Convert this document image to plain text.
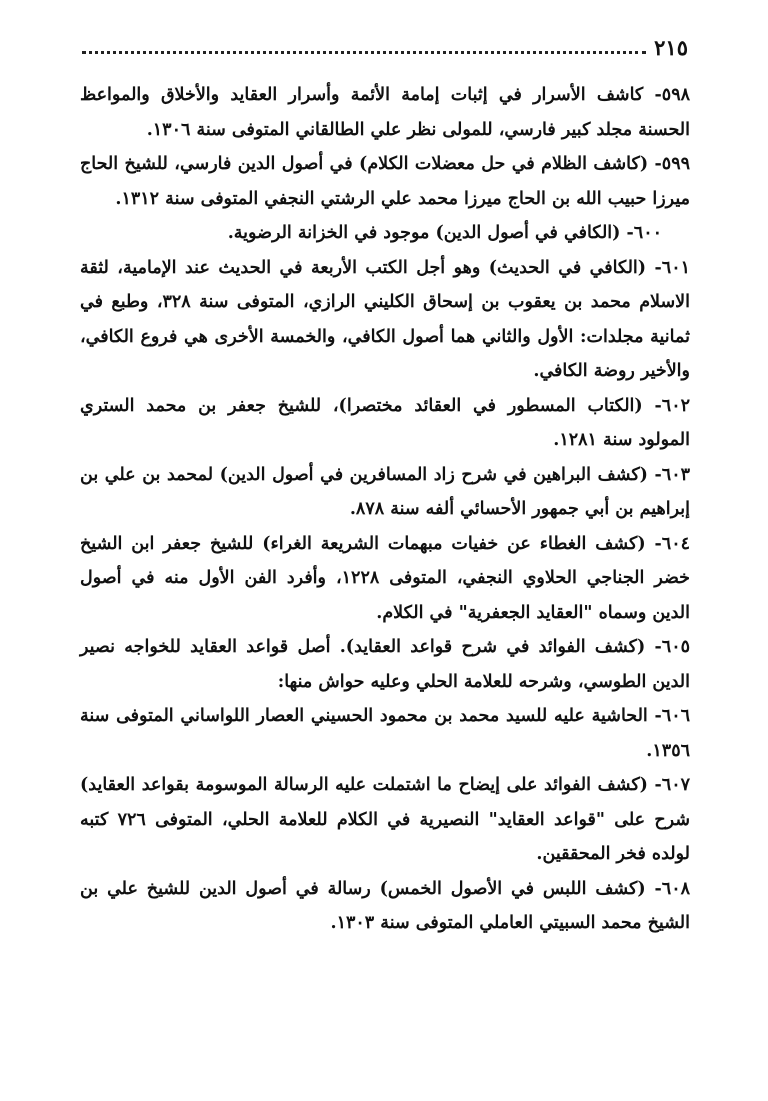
٢١٥

٥٩٨- كاشف الأسرار في إثبات إمامة الأئمة وأسرار العقايد والأخلاق والمواعظ الحسنة مجلد كبير فارسي، للمولى نظر علي الطالقاني المتوفى سنة ١٣٠٦.

٥٩٩- (كاشف الظلام في حل معضلات الكلام) في أصول الدين فارسي، للشيخ الحاج ميرزا حبيب الله بن الحاج ميرزا محمد علي الرشتي النجفي المتوفى سنة ١٣١٢.

٦٠٠- (الكافي في أصول الدين) موجود في الخزانة الرضوية.

٦٠١- (الكافي في الحديث) وهو أجل الكتب الأربعة في الحديث عند الإمامية، لثقة الاسلام محمد بن يعقوب بن إسحاق الكليني الرازي، المتوفى سنة ٣٢٨، وطبع في ثمانية مجلدات: الأول والثاني هما أصول الكافي، والخمسة الأخرى هي فروع الكافي، والأخير روضة الكافي.

٦٠٢- (الكتاب المسطور في العقائد مختصرا)، للشيخ جعفر بن محمد الستري المولود سنة ١٢٨١.

٦٠٣- (كشف البراهين في شرح زاد المسافرين في أصول الدين) لمحمد بن علي بن إبراهيم بن أبي جمهور الأحسائي ألفه سنة ٨٧٨.

٦٠٤- (كشف الغطاء عن خفيات مبهمات الشريعة الغراء) للشيخ جعفر ابن الشيخ خضر الجناجي الحلاوي النجفي، المتوفى ١٢٢٨، وأفرد الفن الأول منه في أصول الدين وسماه "العقايد الجعفرية" في الكلام.

٦٠٥- (كشف الفوائد في شرح قواعد العقايد). أصل قواعد العقايد للخواجه نصير الدين الطوسي، وشرحه للعلامة الحلي وعليه حواش منها:

٦٠٦- الحاشية عليه للسيد محمد بن محمود الحسيني العصار اللواساني المتوفى سنة ١٣٥٦.

٦٠٧- (كشف الفوائد على إيضاح ما اشتملت عليه الرسالة الموسومة بقواعد العقايد) شرح على "قواعد العقايد" النصيرية في الكلام للعلامة الحلي، المتوفى ٧٢٦ كتبه لولده فخر المحققين.

٦٠٨- (كشف اللبس في الأصول الخمس) رسالة في أصول الدين للشيخ علي بن الشيخ محمد السبيتي العاملي المتوفى سنة ١٣٠٣.
